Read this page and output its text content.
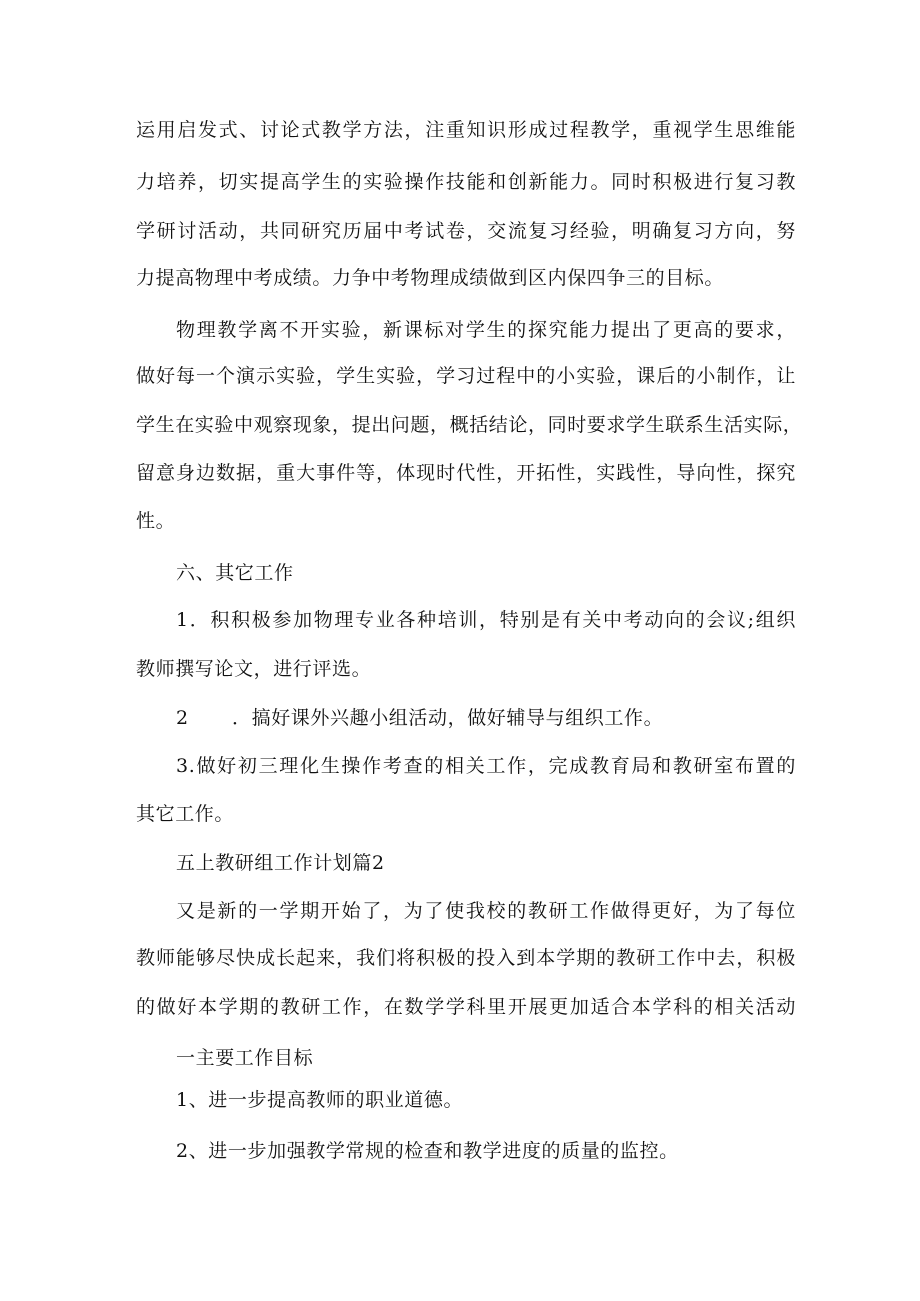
运用启发式、讨论式教学方法，注重知识形成过程教学，重视学生思维能
力培养，切实提高学生的实验操作技能和创新能力。同时积极进行复习教
学研讨活动，共同研究历届中考试卷，交流复习经验，明确复习方向，努
力提高物理中考成绩。力争中考物理成绩做到区内保四争三的目标。
物理教学离不开实验，新课标对学生的探究能力提出了更高的要求，
做好每一个演示实验，学生实验，学习过程中的小实验，课后的小制作，让
学生在实验中观察现象，提出问题，概括结论，同时要求学生联系生活实际，
留意身边数据，重大事件等，体现时代性，开拓性，实践性，导向性，探究
性。
六、其它工作
1．积积极参加物理专业各种培训，特别是有关中考动向的会议;组织
教师撰写论文，进行评选。
2 ．搞好课外兴趣小组活动，做好辅导与组织工作。
3.做好初三理化生操作考查的相关工作，完成教育局和教研室布置的
其它工作。
五上教研组工作计划篇2
又是新的一学期开始了，为了使我校的教研工作做得更好，为了每位
教师能够尽快成长起来，我们将积极的投入到本学期的教研工作中去，积极
的做好本学期的教研工作，在数学学科里开展更加适合本学科的相关活动
一主要工作目标
1、进一步提高教师的职业道德。
2、进一步加强教学常规的检查和教学进度的质量的监控。
